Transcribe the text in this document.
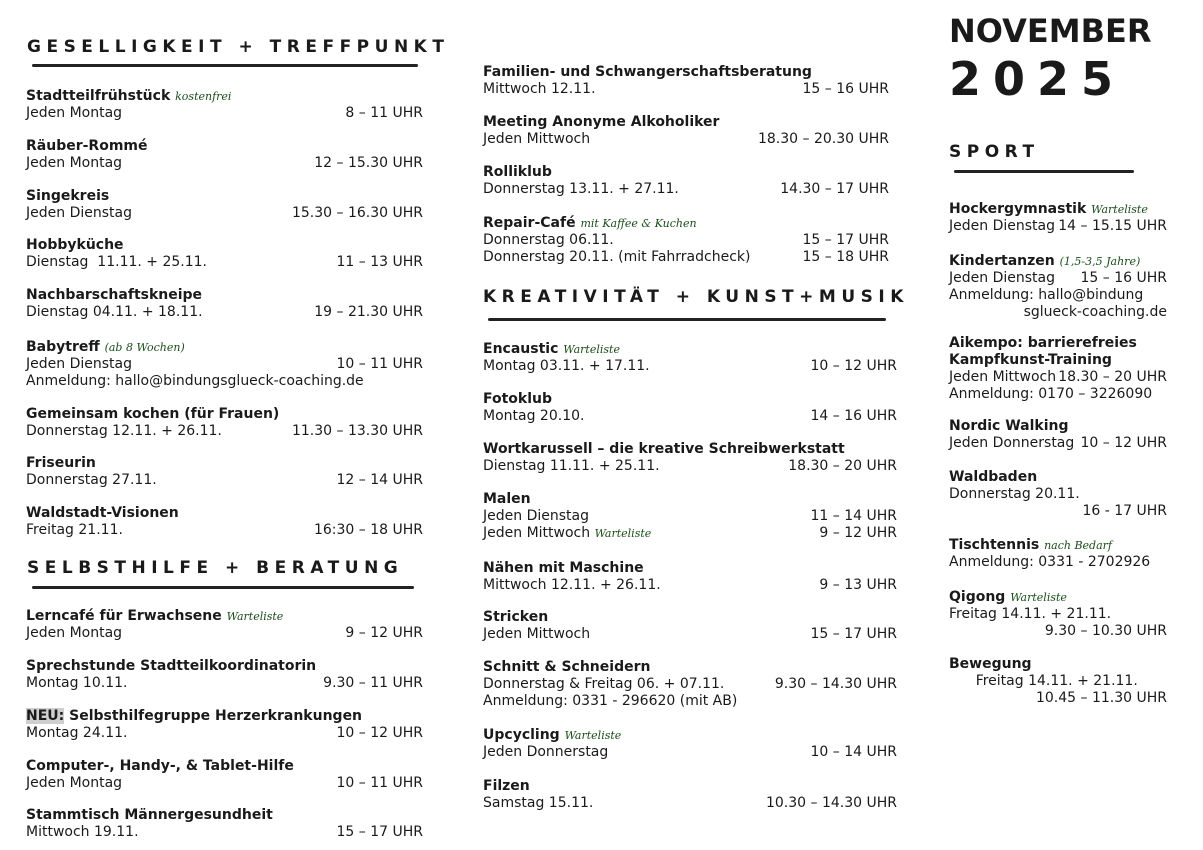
NOVEMBER
2025
GESELLIGKEIT + TREFFPUNKT
Stadtteilfrühstück kostenfrei
Jeden Montag	8 – 11 UHR
Räuber-Rommé
Jeden Montag	12 – 15.30 UHR
Singekreis
Jeden Dienstag	15.30 – 16.30 UHR
Hobbyküche
Dienstag  11.11. + 25.11.	11 – 13 UHR
Nachbarschaftskneipe
Dienstag 04.11. + 18.11.	19 – 21.30 UHR
Babytreff (ab 8 Wochen)
Jeden Dienstag	10 – 11 UHR
Anmeldung: hallo@bindungsglueck-coaching.de
Gemeinsam kochen (für Frauen)
Donnerstag 12.11. + 26.11.	11.30 – 13.30 UHR
Friseurin
Donnerstag 27.11.	12 – 14 UHR
Waldstadt-Visionen
Freitag 21.11.	16:30 – 18 UHR
SELBSTHILFE + BERATUNG
Lerncafé für Erwachsene Warteliste
Jeden Montag	9 – 12 UHR
Sprechstunde Stadtteilkoordinatorin
Montag 10.11.	9.30 – 11 UHR
NEU: Selbsthilfegruppe Herzerkrankungen
Montag 24.11.	10 – 12 UHR
Computer-, Handy-, & Tablet-Hilfe
Jeden Montag	10 – 11 UHR
Stammtisch Männergesundheit
Mittwoch 19.11.	15 – 17 UHR
Familien- und Schwangerschaftsberatung
Mittwoch 12.11.	15 – 16 UHR
Meeting Anonyme Alkoholiker
Jeden Mittwoch	18.30 – 20.30 UHR
Rolliklub
Donnerstag 13.11. + 27.11.	14.30 – 17 UHR
Repair-Café mit Kaffee & Kuchen
Donnerstag 06.11.	15 – 17 UHR
Donnerstag 20.11. (mit Fahrradcheck)	15 – 18 UHR
KREATIVITÄT + KUNST+MUSIK
Encaustic Warteliste
Montag 03.11. + 17.11.	10 – 12 UHR
Fotoklub
Montag 20.10.	14 – 16 UHR
Wortkarussell – die kreative Schreibwerkstatt
Dienstag 11.11. + 25.11.	18.30 – 20 UHR
Malen
Jeden Dienstag	11 – 14 UHR
Jeden Mittwoch Warteliste	9 – 12 UHR
Nähen mit Maschine
Mittwoch 12.11. + 26.11.	9 – 13 UHR
Stricken
Jeden Mittwoch	15 – 17 UHR
Schnitt & Schneidern
Donnerstag & Freitag 06. + 07.11.	9.30 – 14.30 UHR
Anmeldung: 0331 - 296620 (mit AB)
Upcycling Warteliste
Jeden Donnerstag	10 – 14 UHR
Filzen
Samstag 15.11.	10.30 – 14.30 UHR
SPORT
Hockergymnastik Warteliste
Jeden Dienstag 14 – 15.15 UHR
Kindertanzen (1,5-3,5 Jahre)
Jeden Dienstag 15 – 16 UHR
Anmeldung: hallo@bindung
sglueck-coaching.de
Aikempo: barrierefreies
Kampfkunst-Training
Jeden Mittwoch 18.30 – 20 UHR
Anmeldung: 0170 – 3226090
Nordic Walking
Jeden Donnerstag 10 – 12 UHR
Waldbaden
Donnerstag 20.11.
16 - 17 UHR
Tischtennis nach Bedarf
Anmeldung: 0331 - 2702926
Qigong Warteliste
Freitag 14.11. + 21.11.
9.30 – 10.30 UHR
Bewegung
Freitag 14.11. + 21.11.
10.45 – 11.30 UHR
